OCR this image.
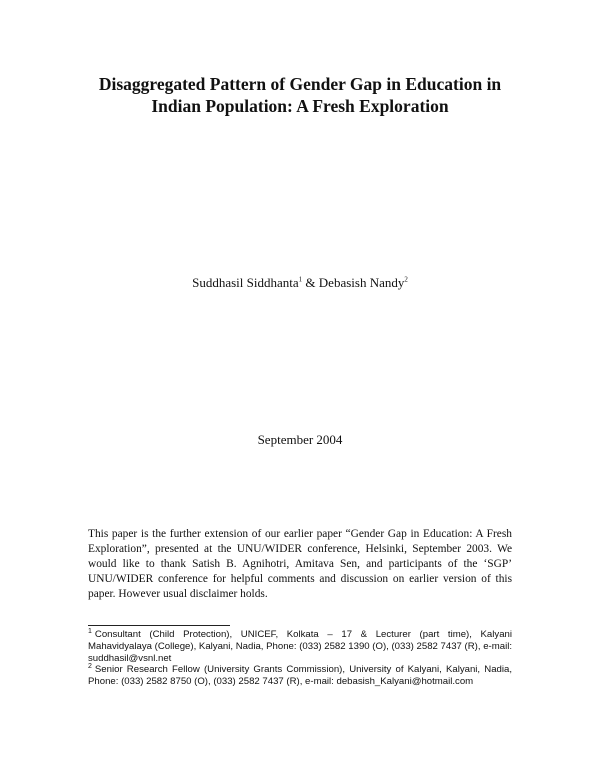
Disaggregated Pattern of Gender Gap in Education in
Indian Population: A Fresh Exploration
Suddhasil Siddhanta$^1$ & Debasish Nandy$^2$
September 2004
This paper is the further extension of our earlier paper “Gender Gap in Education: A Fresh Exploration”, presented at the UNU/WIDER conference, Helsinki, September 2003. We would like to thank Satish B. Agnihotri, Amitava Sen, and participants of the ‘SGP’ UNU/WIDER conference for helpful comments and discussion on earlier version of this paper. However usual disclaimer holds.

$^1$ Consultant (Child Protection), UNICEF, Kolkata – 17 & Lecturer (part time), Kalyani Mahavidyalaya (College), Kalyani, Nadia, Phone: (033) 2582 1390 (O), (033) 2582 7437 (R), e-mail: suddhasil@vsnl.net

$^2$ Senior Research Fellow (University Grants Commission), University of Kalyani, Kalyani, Nadia, Phone: (033) 2582 8750 (O), (033) 2582 7437 (R), e-mail: debasish_Kalyani@hotmail.com
